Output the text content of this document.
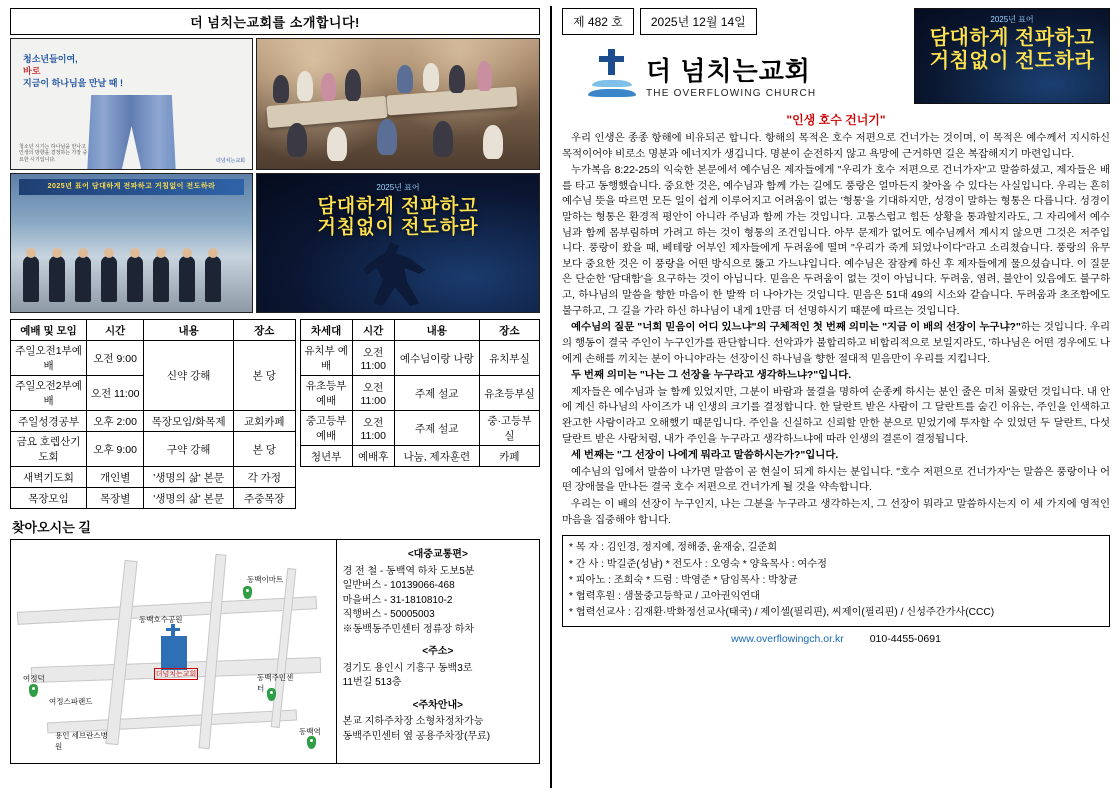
더 넘치는교회를 소개합니다!
청소년들이여,
바로
지금이 하나님을 만날 때 !
청소년 시기는 하나님을 만나고 인생의 방향을 결정하는 가장 중요한 시기입니다.	더넘치는교회
2025년 표어 담대하게 전파하고 거침없이 전도하라	2025년 표어
담대하게 전파하고
거침없이 전도하라
예배 및 모임	시간	내용	장소
주일오전1부예배	오전 9:00	신약 강해	본 당
주일오전2부예배	오전 11:00		
주일성경공부	오후 2:00	목장모임/화목제	교회카페
금요 호렙산기도회	오후 9:00	구약 강해	본 당
새벽기도회	개인별	'생명의 삶' 본문	각 가정
목장모임	목장별	'생명의 삶' 본문	주중목장
차세대	시간	내용	장소
유치부 예배	오전 11:00	예수님이랑 나랑	유치부실
유초등부 예배	오전 11:00	주제 설교	유초등부실
중고등부 예배	오전 11:00	주제 설교	중·고등부실
청년부	예배후	나눔, 제자훈련	카페
찾아오시는 길
더넘치는교회
동백이마트
동백호수공원
여정덕
여정스파랜드
용인 세브란스병원
동백주민센터
동백역
<대중교통편>
경 전 철 - 동백역 하차 도보5분
일반버스 - 10139066-468
마을버스 - 31-1810810-2
직행버스 - 50005003
※동백동주민센터 정류장 하차
<주소>
경기도 용인시 기흥구 동백3로
11번길 513층
<주차안내>
본교 지하주차장 소형차정차가능
동백주민센터 옆 공용주차장(무료)
제 482 호	2025년 12월 14일
더 넘치는교회
THE OVERFLOWING CHURCH
2025년 표어
담대하게 전파하고
거침없이 전도하라
"인생 호수 건너기"

우리 인생은 종종 항해에 비유되곤 합니다. 항해의 목적은 호수 저편으로 건너가는 것이며, 이 목적은 예수께서 지시하신 목적이어야 비로소 명분과 에너지가 생깁니다. 명분이 순전하지 않고 욕망에 근거하면 길은 복잡해지기 마련입니다.

누가복음 8:22-25의 익숙한 본문에서 예수님은 제자들에게 "우리가 호수 저편으로 건너가자"고 말씀하셨고, 제자들은 배를 타고 동행했습니다. 중요한 것은, 예수님과 함께 가는 길에도 풍랑은 얼마든지 찾아올 수 있다는 사실입니다. 우리는 흔히 예수님 뜻을 따르면 모든 일이 쉽게 이루어지고 어려움이 없는 '형통'을 기대하지만, 성경이 말하는 형통은 다릅니다. 성경이 말하는 형통은 환경적 평안이 아니라 주님과 함께 가는 것입니다. 고통스럽고 힘든 상황을 통과할지라도, 그 자리에서 예수님과 함께 몸부림하며 가려고 하는 것이 형통의 조건입니다. 아무 문제가 없어도 예수님께서 계시지 않으면 그것은 저주입니다. 풍랑이 왔을 때, 베테랑 어부인 제자들에게 두려움에 떨며 "우리가 죽게 되었나이다"라고 소리쳤습니다. 풍랑의 유무보다 중요한 것은 이 풍랑을 어떤 방식으로 뚫고 가느냐입니다. 예수님은 잠잠케 하신 후 제자들에게 물으셨습니다. 이 질문은 단순한 '담대함'을 요구하는 것이 아닙니다. 믿음은 두려움이 없는 것이 아닙니다. 두려움, 염려, 불안이 있음에도 불구하고, 하나님의 말씀을 향한 마음이 한 발짝 더 나아가는 것입니다. 믿음은 51대 49의 시소와 같습니다. 두려움과 초조함에도 불구하고, 그 길을 가라 하신 하나님이 내게 1만큼 더 선명하시기 때문에 따르는 것입니다.

예수님의 질문 "너희 믿음이 어디 있느냐"의 구체적인 첫 번째 의미는 "지금 이 배의 선장이 누구냐?"하는 것입니다. 우리의 행동이 결국 주인이 누구인가를 판단합니다. 선악과가 불합리하고 비합리적으로 보일지라도, '하나님은 어떤 경우에도 나에게 손해를 끼치는 분이 아니야'라는 선장이신 하나님을 향한 절대적 믿음만이 우리를 지킵니다.

두 번째 의미는 "나는 그 선장을 누구라고 생각하느냐?"입니다.

제자들은 예수님과 늘 함께 있었지만, 그분이 바람과 물결을 명하여 순종케 하시는 분인 줄은 미처 몰랐던 것입니다. 내 안에 계신 하나님의 사이즈가 내 인생의 크기를 결정합니다. 한 달란트 받은 사람이 그 달란트를 숨긴 이유는, 주인을 인색하고 완고한 사람이라고 오해했기 때문입니다. 주인을 신실하고 신뢰할 만한 분으로 믿었기에 투자할 수 있었던 두 달란트, 다섯 달란트 받은 사람처럼, 내가 주인을 누구라고 생각하느냐에 따라 인생의 결론이 결정됩니다.

세 번째는 "그 선장이 나에게 뭐라고 말씀하시는가?"입니다.

예수님의 입에서 말씀이 나가면 말씀이 곧 현실이 되게 하시는 분입니다. "호수 저편으로 건너가자"는 말씀은 풍랑이나 어떤 장애물을 만나든 결국 호수 저편으로 건너가게 될 것을 약속합니다.

우리는 이 배의 선장이 누구인지, 나는 그분을 누구라고 생각하는지, 그 선장이 뭐라고 말씀하시는지 이 세 가지에 영적인 마음을 집중해야 합니다.

* 목 자 : 김인경, 정지예, 정해중, 윤재숭, 길준희
* 간 사 : 박길준(성남) * 전도사 : 오영숙 * 양육목사 : 여수정
* 피아노 : 조희숙 * 드럼 : 박영준 * 담임목사 : 박창균
* 협력후원 : 샘물중고등학교 / 고아권익연대
* 협력선교사 : 김재환·박화정선교사(태국) / 제이셀(필리핀), 씨제이(필리핀) / 신성주간가사(CCC)
www.overflowingch.or.kr 010-4455-0691
